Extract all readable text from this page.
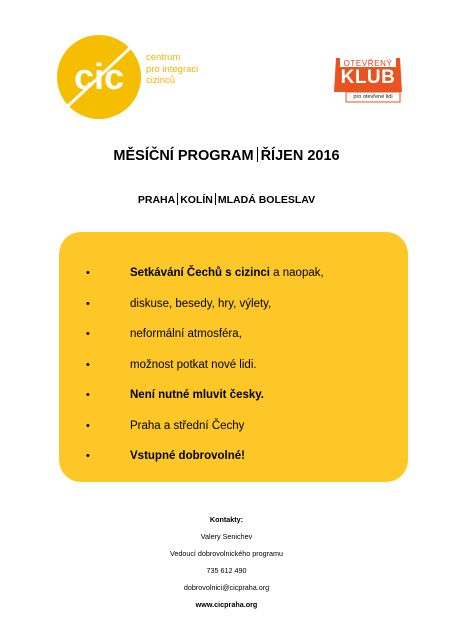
cic centrum
pro integraci
cizinců
OTEVŘENÝ
KLUB
pro otevřené lidi
MĚSÍČNÍ PROGRAM ŘÍJEN 2016
PRAHA KOLÍN MLADÁ BOLESLAV
•	Setkávání Čechů s cizinci a naopak,
•	diskuse, besedy, hry, výlety,
•	neformální atmosféra,
•	možnost potkat nové lidi.
•	Není nutné mluvit česky.
•	Praha a střední Čechy
•	Vstupné dobrovolné!
Kontakty:
Valery Senichev
Vedoucí dobrovolnického programu
735 612 490
dobrovolnici@cicpraha.org
www.cicpraha.org
